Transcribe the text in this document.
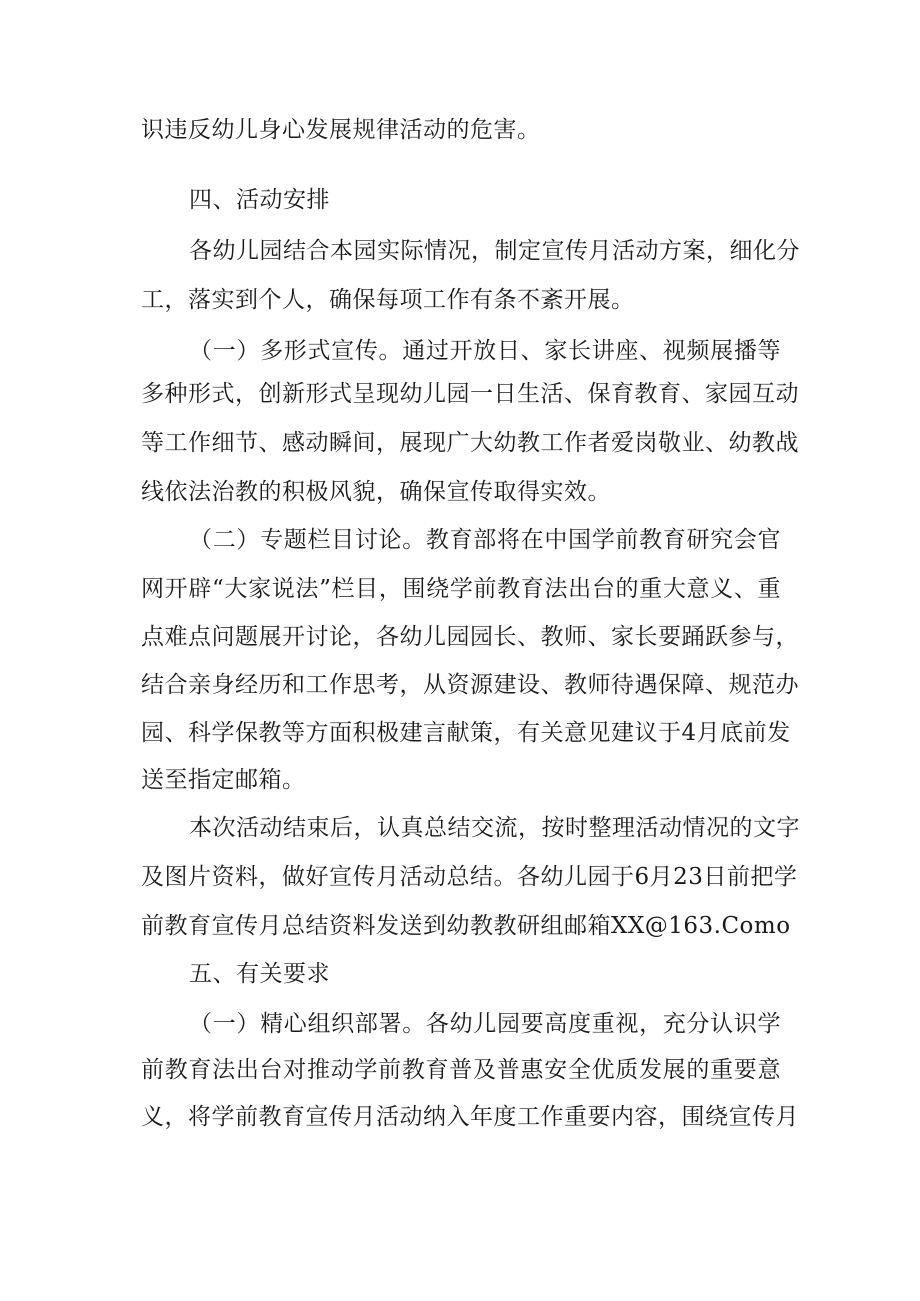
识违反幼儿身心发展规律活动的危害。
四、活动安排
各幼儿园结合本园实际情况，制定宣传月活动方案，细化分
工，落实到个人，确保每项工作有条不紊开展。
（一）多形式宣传。通过开放日、家长讲座、视频展播等
多种形式，创新形式呈现幼儿园一日生活、保育教育、家园互动
等工作细节、感动瞬间，展现广大幼教工作者爱岗敬业、幼教战
线依法治教的积极风貌，确保宣传取得实效。
（二）专题栏目讨论。教育部将在中国学前教育研究会官
网开辟“大家说法”栏目，围绕学前教育法出台的重大意义、重
点难点问题展开讨论，各幼儿园园长、教师、家长要踊跃参与，
结合亲身经历和工作思考，从资源建设、教师待遇保障、规范办
园、科学保教等方面积极建言献策，有关意见建议于4月底前发
送至指定邮箱。
本次活动结束后，认真总结交流，按时整理活动情况的文字
及图片资料，做好宣传月活动总结。各幼儿园于6月23日前把学
前教育宣传月总结资料发送到幼教教研组邮箱XX@163.Como
五、有关要求
（一）精心组织部署。各幼儿园要高度重视，充分认识学
前教育法出台对推动学前教育普及普惠安全优质发展的重要意
义，将学前教育宣传月活动纳入年度工作重要内容，围绕宣传月
